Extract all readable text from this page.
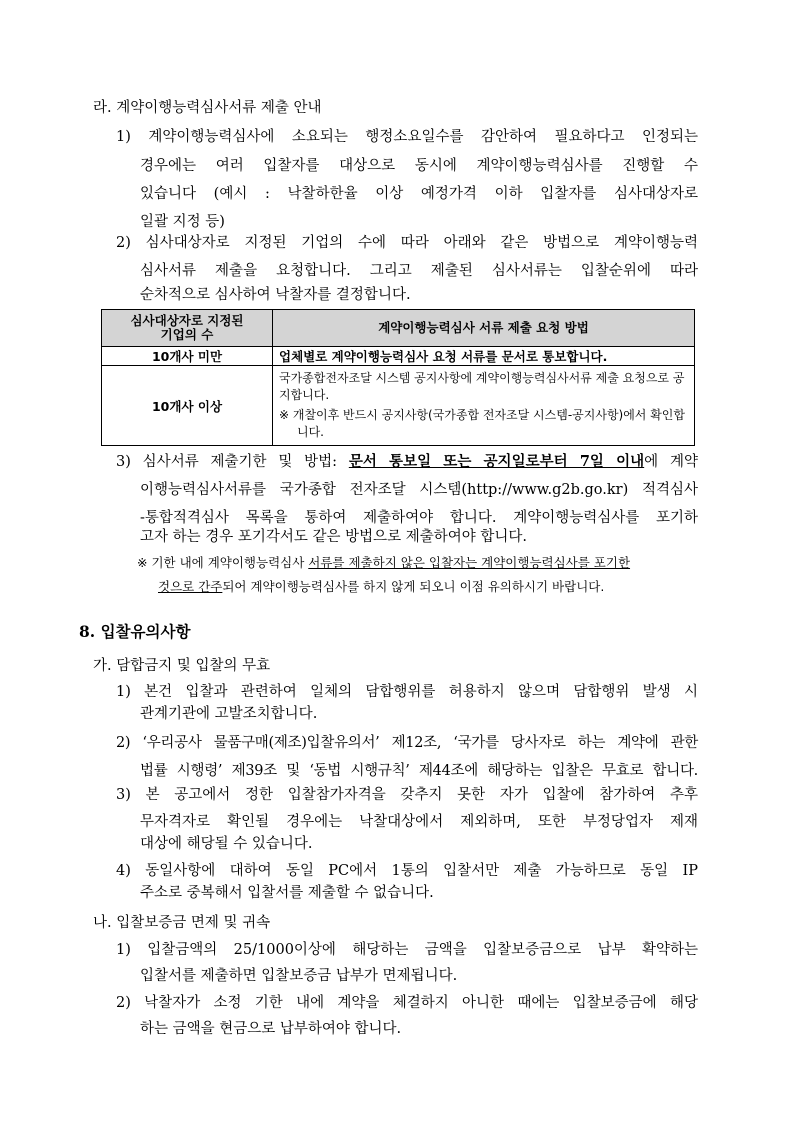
라. 계약이행능력심사서류 제출 안내
1) 계약이행능력심사에 소요되는 행정소요일수를 감안하여 필요하다고 인정되는
경우에는 여러 입찰자를 대상으로 동시에 계약이행능력심사를 진행할 수
있습니다 (예시 : 낙찰하한율 이상 예정가격 이하 입찰자를 심사대상자로
일괄 지정 등)
2) 심사대상자로 지정된 기업의 수에 따라 아래와 같은 방법으로 계약이행능력
심사서류 제출을 요청합니다. 그리고 제출된 심사서류는 입찰순위에 따라
순차적으로 심사하여 낙찰자를 결정합니다.
심사대상자로 지정된
기업의 수	계약이행능력심사 서류 제출 요청 방법
10개사 미만	업체별로 계약이행능력심사 요청 서류를 문서로 통보합니다.
10개사 이상	국가종합전자조달 시스템 공지사항에 계약이행능력심사서류 제출 요청으로 공지합니다.
※ 개찰이후 반드시 공지사항(국가종합 전자조달 시스템-공지사항)에서 확인합니다.
3) 심사서류 제출기한 및 방법: 문서 통보일 또는 공지일로부터 7일 이내에 계약
이행능력심사서류를 국가종합 전자조달 시스템(http://www.g2b.go.kr) 적격심사
-통합적격심사 목록을 통하여 제출하여야 합니다. 계약이행능력심사를 포기하
고자 하는 경우 포기각서도 같은 방법으로 제출하여야 합니다.
※ 기한 내에 계약이행능력심사 서류를 제출하지 않은 입찰자는 계약이행능력심사를 포기한
것으로 간주되어 계약이행능력심사를 하지 않게 되오니 이점 유의하시기 바랍니다.
8. 입찰유의사항
가. 담합금지 및 입찰의 무효
1) 본건 입찰과 관련하여 일체의 담합행위를 허용하지 않으며 담합행위 발생 시
관계기관에 고발조치합니다.
2) ‘우리공사 물품구매(제조)입찰유의서’ 제12조, ‘국가를 당사자로 하는 계약에 관한
법률 시행령’ 제39조 및 ‘동법 시행규칙’ 제44조에 해당하는 입찰은 무효로 합니다.
3) 본 공고에서 정한 입찰참가자격을 갖추지 못한 자가 입찰에 참가하여 추후
무자격자로 확인될 경우에는 낙찰대상에서 제외하며, 또한 부정당업자 제재
대상에 해당될 수 있습니다.
4) 동일사항에 대하여 동일 PC에서 1통의 입찰서만 제출 가능하므로 동일 IP
주소로 중복해서 입찰서를 제출할 수 없습니다.
나. 입찰보증금 면제 및 귀속
1) 입찰금액의 25/1000이상에 해당하는 금액을 입찰보증금으로 납부 확약하는
입찰서를 제출하면 입찰보증금 납부가 면제됩니다.
2) 낙찰자가 소정 기한 내에 계약을 체결하지 아니한 때에는 입찰보증금에 해당
하는 금액을 현금으로 납부하여야 합니다.
